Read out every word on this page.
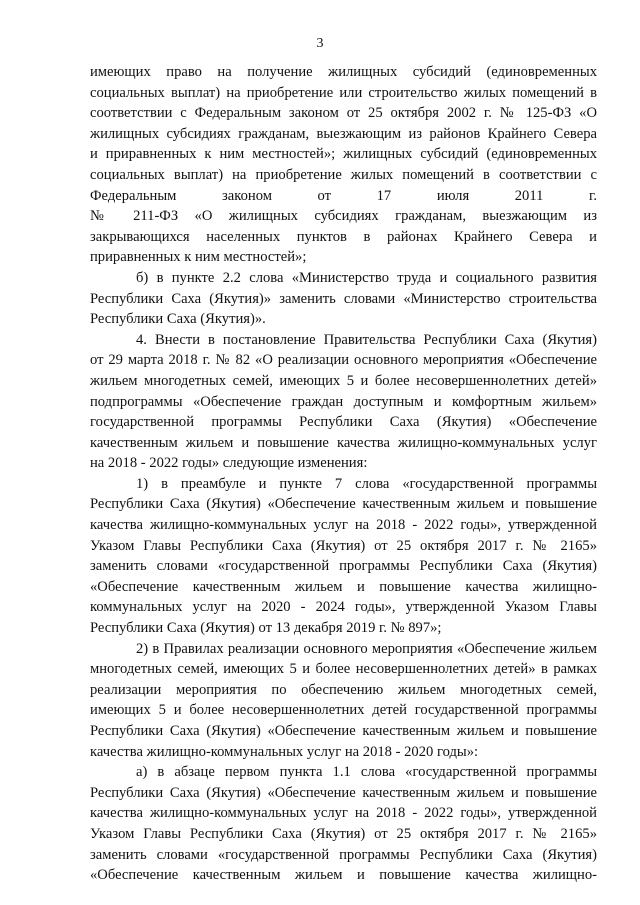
3
имеющих право на получение жилищных субсидий (единовременных
социальных выплат) на приобретение или строительство жилых помещений в
соответствии с Федеральным законом от 25 октября 2002 г. № 125-ФЗ «О
жилищных субсидиях гражданам, выезжающим из районов Крайнего Севера
и приравненных к ним местностей»; жилищных субсидий (единовременных
социальных выплат) на приобретение жилых помещений в соответствии с
Федеральным законом от 17 июля 2011 г.
№ 211-ФЗ «О жилищных субсидиях гражданам, выезжающим из
закрывающихся населенных пунктов в районах Крайнего Севера и
приравненных к ним местностей»;
б) в пункте 2.2 слова «Министерство труда и социального развития
Республики Саха (Якутия)» заменить словами «Министерство строительства
Республики Саха (Якутия)».
4. Внести в постановление Правительства Республики Саха (Якутия)
от 29 марта 2018 г. № 82 «О реализации основного мероприятия «Обеспечение
жильем многодетных семей, имеющих 5 и более несовершеннолетних детей»
подпрограммы «Обеспечение граждан доступным и комфортным жильем»
государственной программы Республики Саха (Якутия) «Обеспечение
качественным жильем и повышение качества жилищно-коммунальных услуг
на 2018 - 2022 годы» следующие изменения:
1) в преамбуле и пункте 7 слова «государственной программы
Республики Саха (Якутия) «Обеспечение качественным жильем и повышение
качества жилищно-коммунальных услуг на 2018 - 2022 годы», утвержденной
Указом Главы Республики Саха (Якутия) от 25 октября 2017 г. № 2165»
заменить словами «государственной программы Республики Саха (Якутия)
«Обеспечение качественным жильем и повышение качества жилищно-
коммунальных услуг на 2020 - 2024 годы», утвержденной Указом Главы
Республики Саха (Якутия) от 13 декабря 2019 г. № 897»;
2) в Правилах реализации основного мероприятия «Обеспечение жильем
многодетных семей, имеющих 5 и более несовершеннолетних детей» в рамках
реализации мероприятия по обеспечению жильем многодетных семей,
имеющих 5 и более несовершеннолетних детей государственной программы
Республики Саха (Якутия) «Обеспечение качественным жильем и повышение
качества жилищно-коммунальных услуг на 2018 - 2020 годы»:
а) в абзаце первом пункта 1.1 слова «государственной программы
Республики Саха (Якутия) «Обеспечение качественным жильем и повышение
качества жилищно-коммунальных услуг на 2018 - 2022 годы», утвержденной
Указом Главы Республики Саха (Якутия) от 25 октября 2017 г. № 2165»
заменить словами «государственной программы Республики Саха (Якутия)
«Обеспечение качественным жильем и повышение качества жилищно-
